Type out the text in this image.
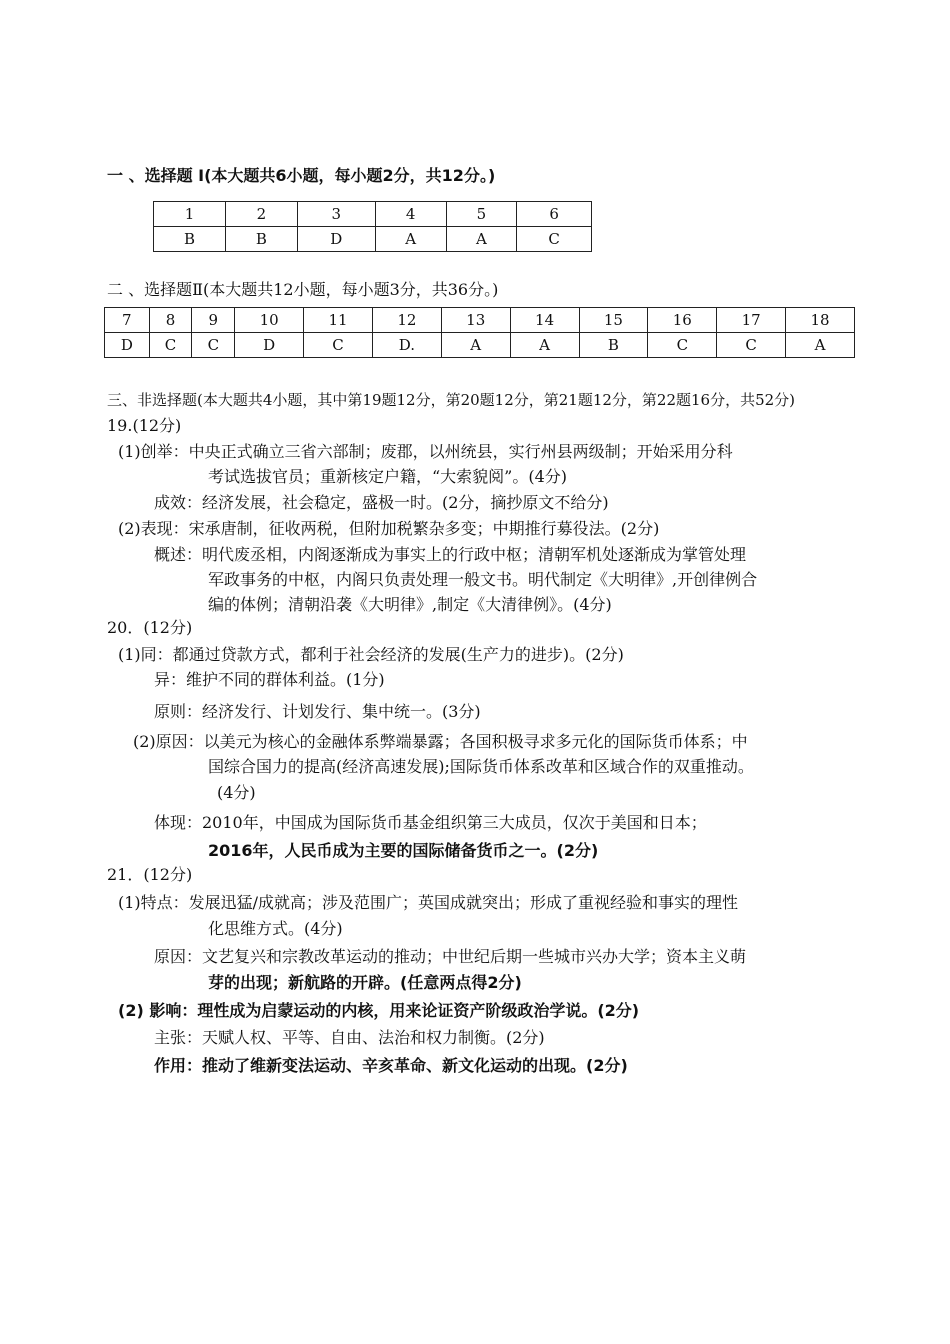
一 、选择题 Ⅰ(本大题共6小题，每小题2分，共12分。)
1	2	3	4	5	6
B	B	D	A	A	C
二 、选择题Ⅱ(本大题共12小题，每小题3分，共36分。)
7	8	9	10	11	12	13	14	15	16	17	18
D	C	C	D	C	D.	A	A	B	C	C	A
三、非选择题(本大题共4小题，其中第19题12分，第20题12分，第21题12分，第22题16分，共52分)
19.(12分)
(1)创举：中央正式确立三省六部制；废郡，以州统县，实行州县两级制；开始采用分科
考试选拔官员；重新核定户籍，“大索貌阅”。(4分)
成效：经济发展，社会稳定，盛极一时。(2分，摘抄原文不给分)
(2)表现：宋承唐制，征收两税，但附加税繁杂多变；中期推行募役法。(2分)
概述：明代废丞相，内阁逐渐成为事实上的行政中枢；清朝军机处逐渐成为掌管处理
军政事务的中枢，内阁只负责处理一般文书。明代制定《大明律》,开创律例合
编的体例；清朝沿袭《大明律》,制定《大清律例》。(4分)
20．(12分)
(1)同：都通过贷款方式，都利于社会经济的发展(生产力的进步)。(2分)
异：维护不同的群体利益。(1分)
原则：经济发行、计划发行、集中统一。(3分)
(2)原因：以美元为核心的金融体系弊端暴露；各国积极寻求多元化的国际货币体系；中
国综合国力的提高(经济高速发展);国际货币体系改革和区域合作的双重推动。
(4分)
体现：2010年，中国成为国际货币基金组织第三大成员，仅次于美国和日本；
2016年，人民币成为主要的国际储备货币之一。(2分)
21．(12分)
(1)特点：发展迅猛/成就高；涉及范围广；英国成就突出；形成了重视经验和事实的理性
化思维方式。(4分)
原因：文艺复兴和宗教改革运动的推动；中世纪后期一些城市兴办大学；资本主义萌
芽的出现；新航路的开辟。(任意两点得2分)
(2) 影响：理性成为启蒙运动的内核，用来论证资产阶级政治学说。(2分)
主张：天赋人权、平等、自由、法治和权力制衡。(2分)
作用：推动了维新变法运动、辛亥革命、新文化运动的出现。(2分)
